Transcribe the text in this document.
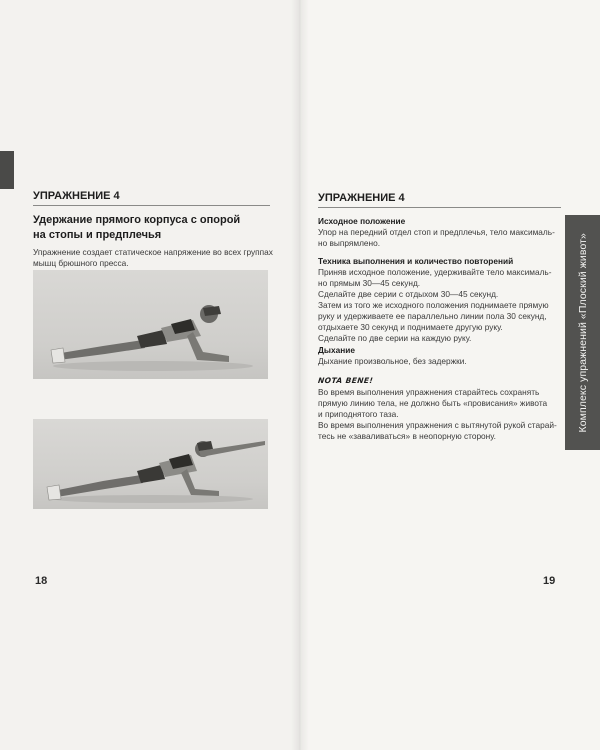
Комплекс упражнений «Плоский живот»
УПРАЖНЕНИЕ 4
Удержание прямого корпуса с опорой
на стопы и предплечья
Упражнение создает статическое напряжение во всех группах
мышц брюшного пресса.
18
УПРАЖНЕНИЕ 4
Исходное положение
Упор на передний отдел стоп и предплечья, тело максималь-
но выпрямлено.
Техника выполнения и количество повторений
Приняв исходное положение, удерживайте тело максималь-
но прямым 30—45 секунд.
Сделайте две серии с отдыхом 30—45 секунд.
Затем из того же исходного положения поднимаете прямую
руку и удерживаете ее параллельно линии пола 30 секунд,
отдыхаете 30 секунд и поднимаете другую руку.
Сделайте по две серии на каждую руку.
Дыхание
Дыхание произвольное, без задержки.
NOTA BENE!
Во время выполнения упражнения старайтесь сохранять
прямую линию тела, не должно быть «провисания» живота
и приподнятого таза.
Во время выполнения упражнения с вытянутой рукой старай-
тесь не «заваливаться» в неопорную сторону.
19
